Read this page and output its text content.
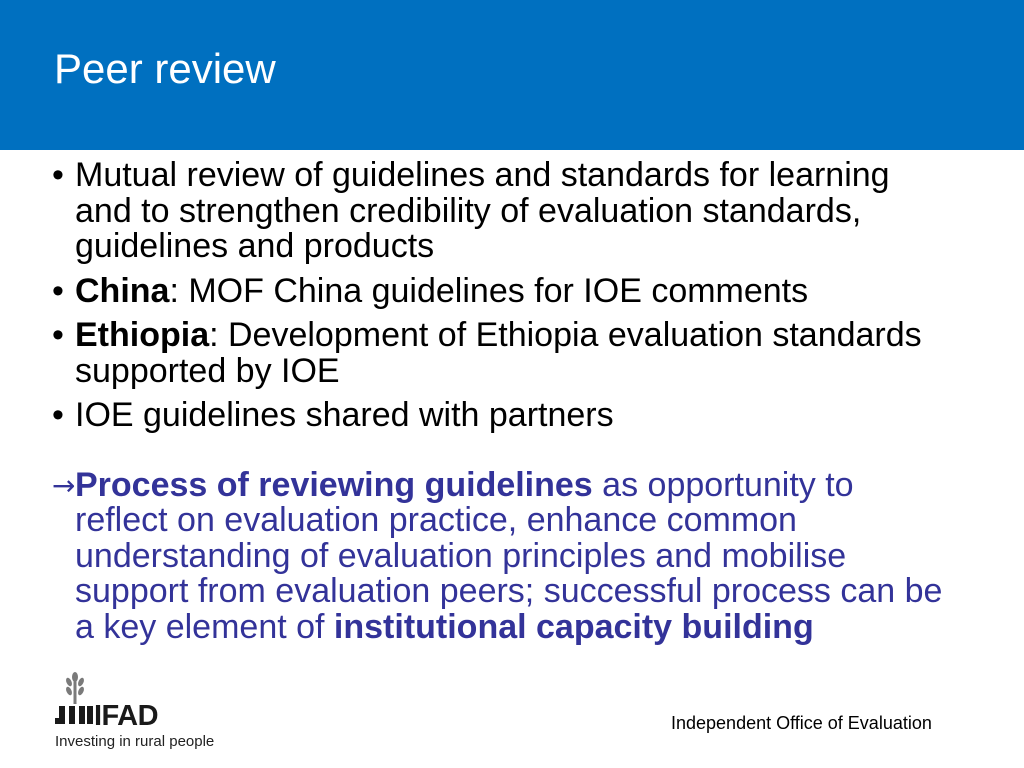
Peer review

• Mutual review of guidelines and standards for learning and to strengthen credibility of evaluation standards, guidelines and products

• China: MOF China guidelines for IOE comments

• Ethiopia: Development of Ethiopia evaluation standards supported by IOE

• IOE guidelines shared with partners

→ Process of reviewing guidelines as opportunity to reflect on evaluation practice, enhance common understanding of evaluation principles and mobilise support from evaluation peers; successful process can be a key element of institutional capacity building

IFAD
Investing in rural people
Independent Office of Evaluation
